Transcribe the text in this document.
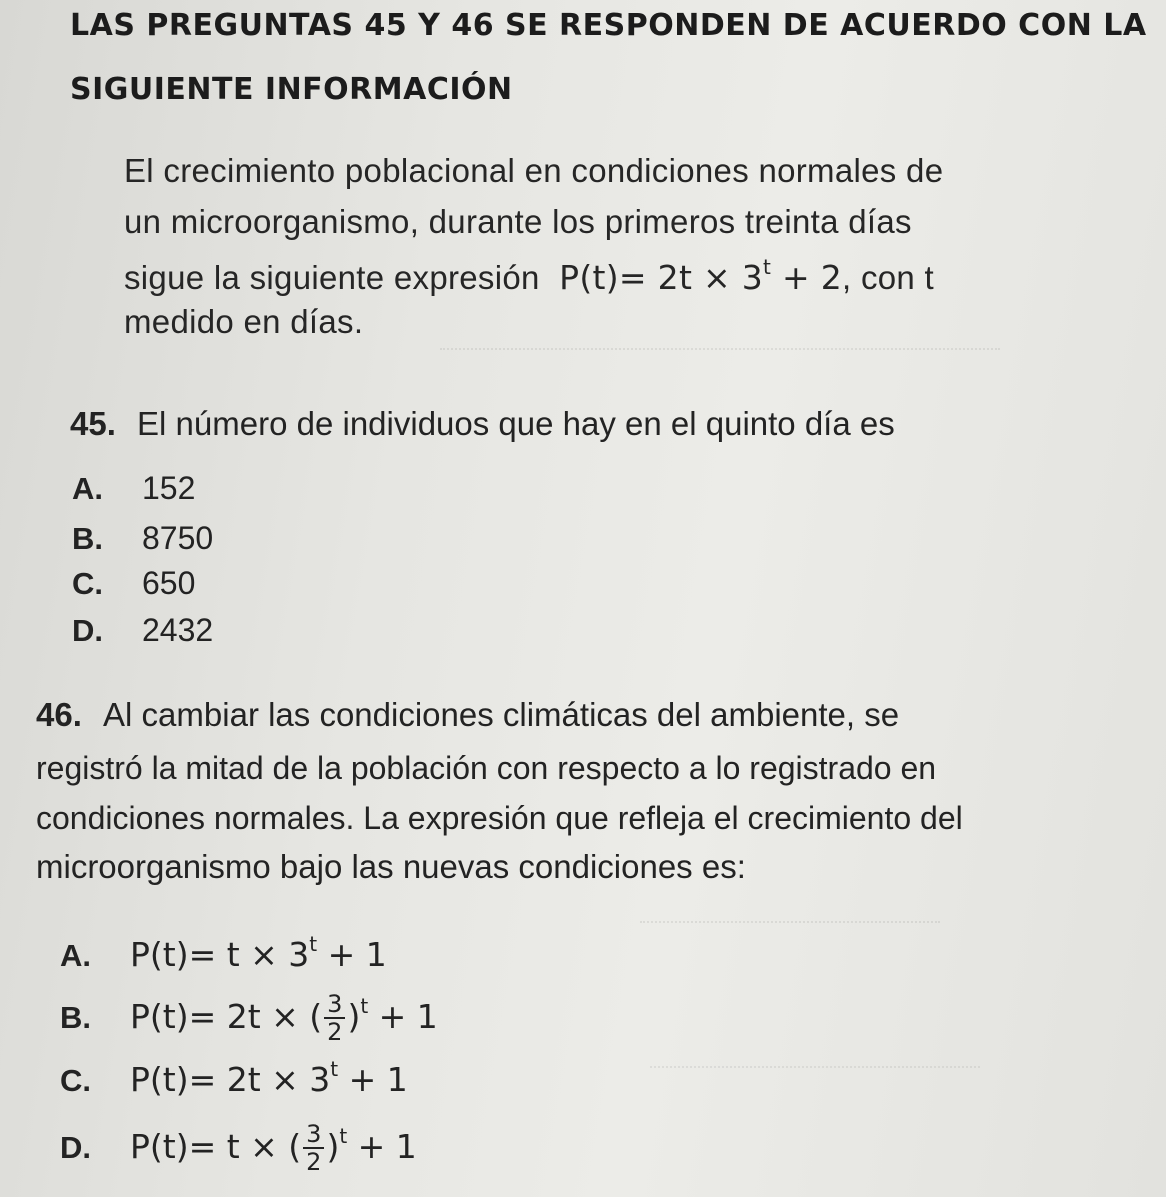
LAS PREGUNTAS 45 Y 46 SE RESPONDEN DE ACUERDO CON LA
SIGUIENTE INFORMACIÓN
El crecimiento poblacional en condiciones normales de
un microorganismo, durante los primeros treinta días
sigue la siguiente expresión $P(t)= 2t \times 3^t + 2$, con t
medido en días.
45. El número de individuos que hay en el quinto día es
A. 152
B. 8750
C. 650
D. 2432
46. Al cambiar las condiciones climáticas del ambiente, se
registró la mitad de la población con respecto a lo registrado en
condiciones normales. La expresión que refleja el crecimiento del
microorganismo bajo las nuevas condiciones es:
A. $P(t)= t \times 3^t + 1$
B. P(t)= 2t × ( $\frac{3}{2} )^t + 1$
C. $P(t)= 2t \times 3^t + 1$
D. P(t)= t × ( $\frac{3}{2} )^t + 1$
